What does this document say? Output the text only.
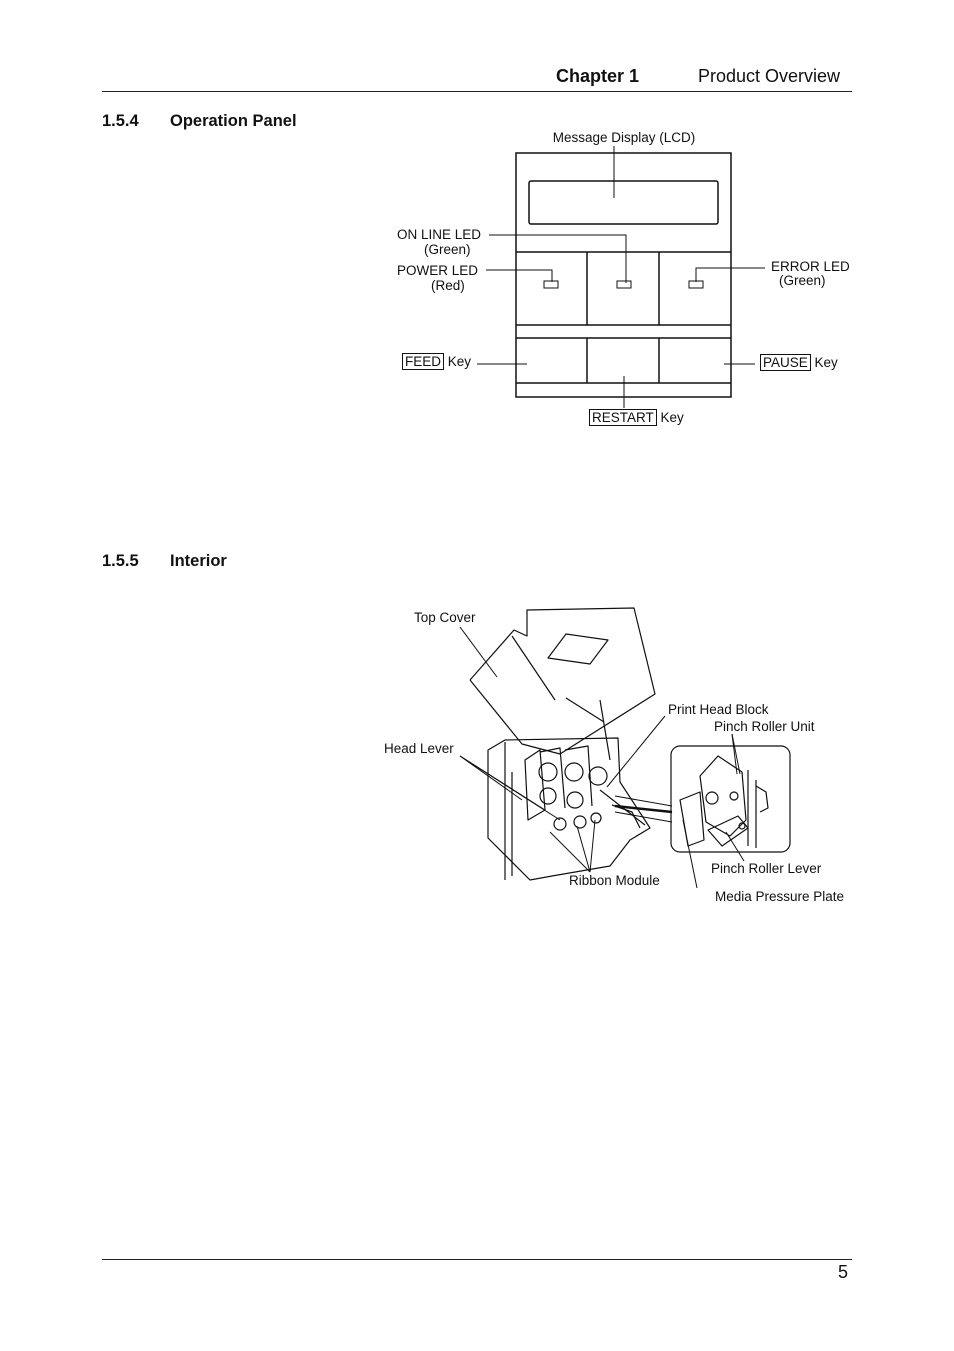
Chapter 1	Product Overview
1.5.4 Operation Panel
Message Display (LCD)
ON LINE LED
(Green)
POWER LED
(Red)
ERROR LED
(Green)
FEED Key	PAUSE Key
RESTART Key
1.5.5 Interior
Top Cover
Head Lever
Print Head Block
Pinch Roller Unit
Pinch Roller Lever
Ribbon Module
Media Pressure Plate
5
